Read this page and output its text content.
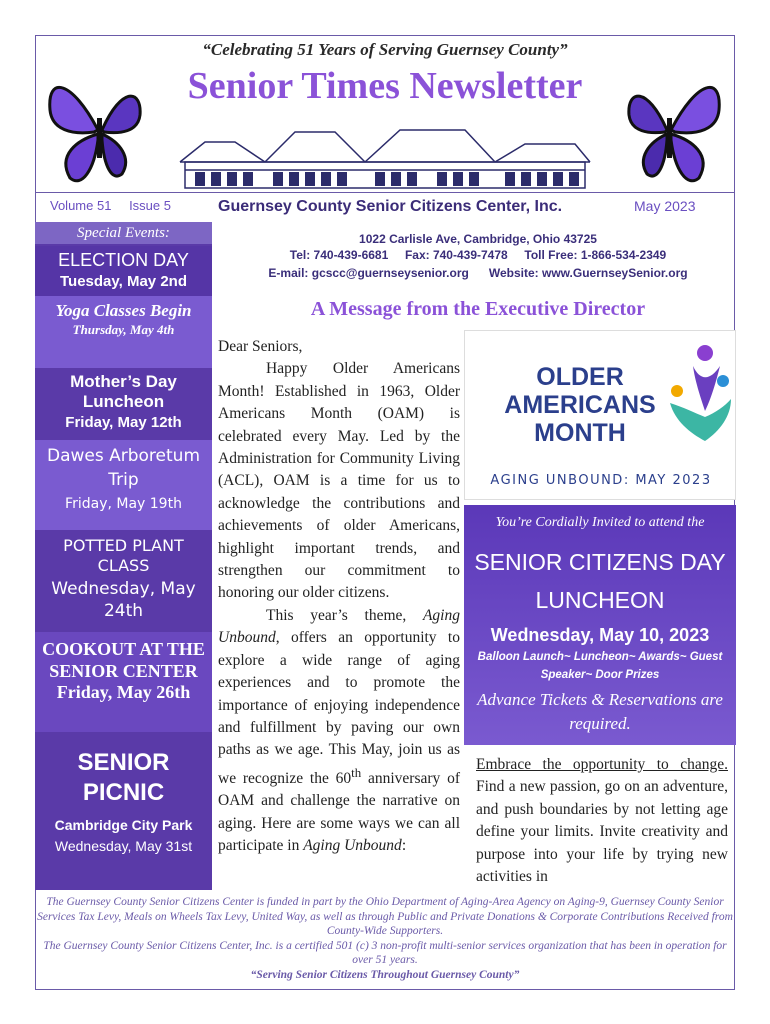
“Celebrating 51 Years of Serving Guernsey County”
Senior Times Newsletter
Volume 51 Issue 5	Guernsey County Senior Citizens Center, Inc.	May 2023
1022 Carlisle Ave, Cambridge, Ohio 43725
Tel: 740-439-6681 Fax: 740-439-7478 Toll Free: 1-866-534-2349
E-mail: gcscc@guernseysenior.org Website: www.GuernseySenior.org
Special Events:
ELECTION DAY
Tuesday, May 2nd
Yoga Classes Begin
Thursday, May 4th
Mother’s Day Luncheon
Friday, May 12th
Dawes Arboretum Trip
Friday, May 19th
POTTED PLANT CLASS
Wednesday, May 24th
COOKOUT AT THE SENIOR CENTER
Friday, May 26th
SENIOR PICNIC
Cambridge City Park
Wednesday, May 31st
A Message from the Executive Director

Dear Seniors,

Happy Older Americans Month! Established in 1963, Older Americans Month (OAM) is celebrated every May. Led by the Administration for Community Living (ACL), OAM is a time for us to acknowledge the contributions and achievements of older Americans, highlight important trends, and strengthen our commitment to honoring our older citizens.

This year’s theme, Aging Unbound, offers an opportunity to explore a wide range of aging experiences and to promote the importance of enjoying independence and fulfillment by paving our own paths as we age. This May, join us as we recognize the 60th anniversary of OAM and challenge the narrative on aging. Here are some ways we can all participate in Aging Unbound:

OLDER
AMERICANS
MONTH
AGING UNBOUND: MAY 2023
You’re Cordially Invited to attend the
SENIOR CITIZENS DAY LUNCHEON
Wednesday, May 10, 2023
Balloon Launch~ Luncheon~ Awards~ Guest Speaker~ Door Prizes
Advance Tickets & Reservations are required.
Embrace the opportunity to change. Find a new passion, go on an adventure, and push boundaries by not letting age define your limits. Invite creativity and purpose into your life by trying new activities in
The Guernsey County Senior Citizens Center is funded in part by the Ohio Department of Aging-Area Agency on Aging-9, Guernsey County Senior Services Tax Levy, Meals on Wheels Tax Levy, United Way, as well as through Public and Private Donations & Corporate Contributions Received from County-Wide Supporters.
The Guernsey County Senior Citizens Center, Inc. is a certified 501 (c) 3 non-profit multi-senior services organization that has been in operation for over 51 years.
“Serving Senior Citizens Throughout Guernsey County”
